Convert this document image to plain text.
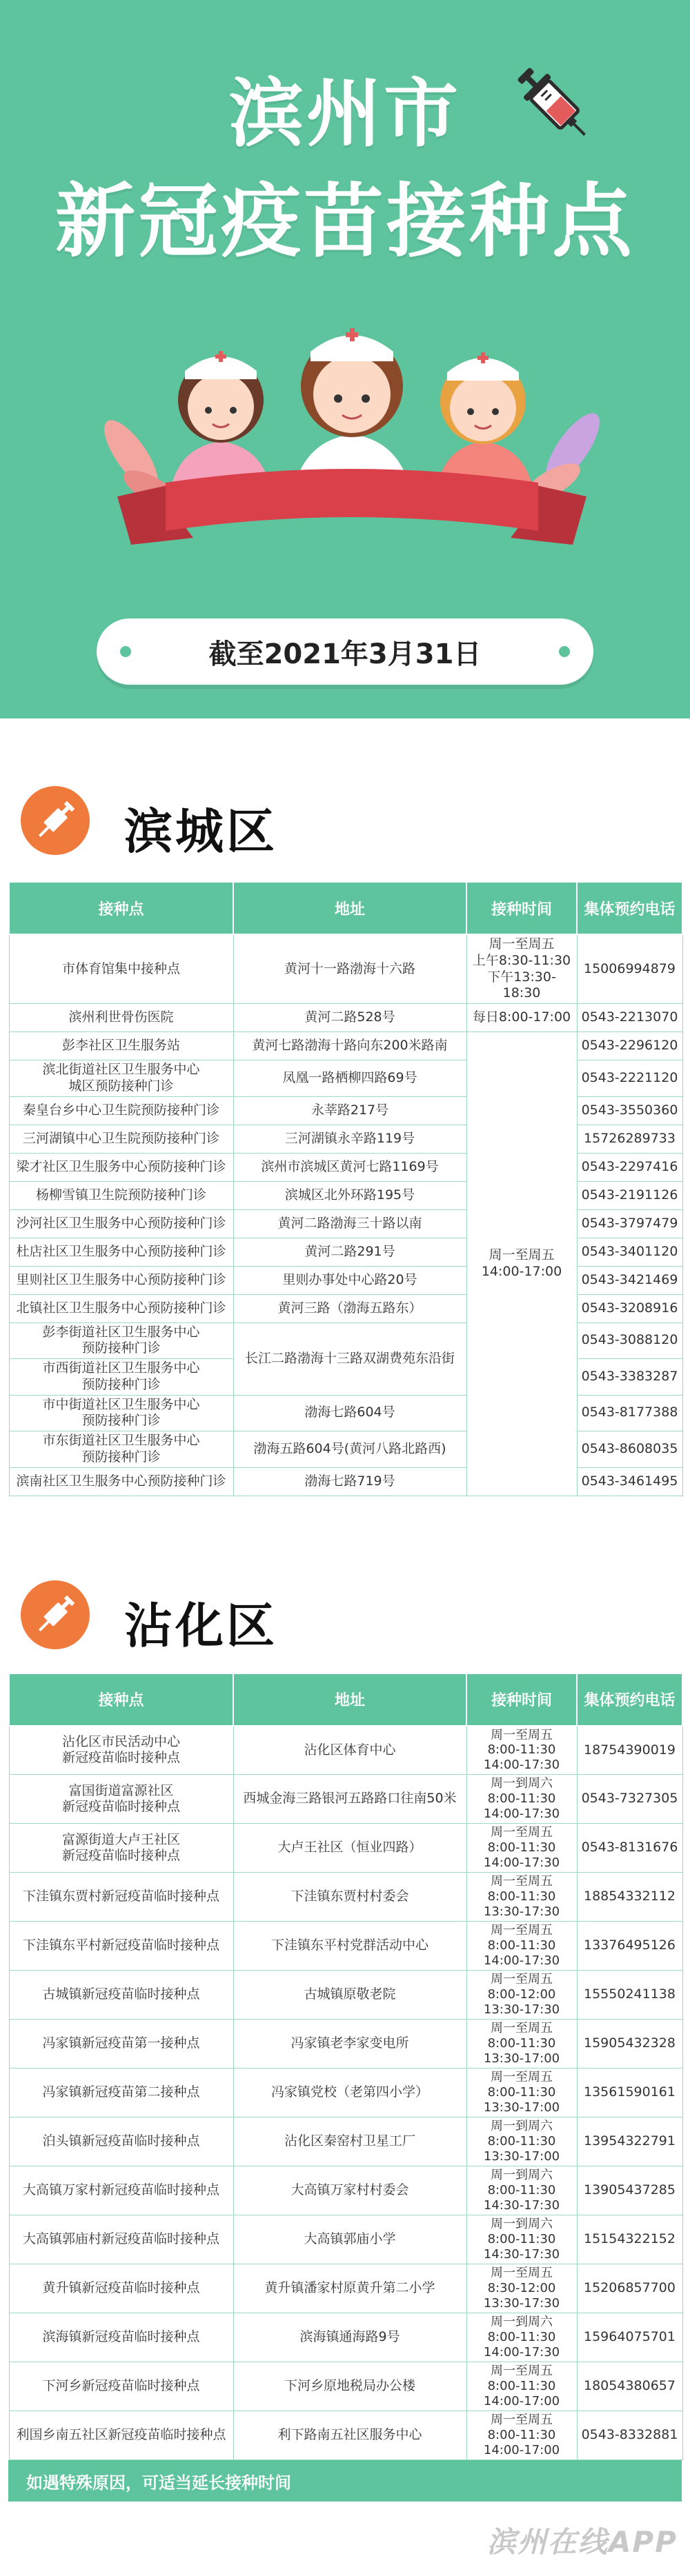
滨州市
新冠疫苗接种点
截至2021年3月31日
滨城区
接种点	地址	接种时间	集体预约电话
市体育馆集中接种点	黄河十一路渤海十六路	周一至周五
上午8:30-11:30
下午13:30-18:30	15006994879
滨州利世骨伤医院	黄河二路528号	每日8:00-17:00	0543-2213070
彭李社区卫生服务站	黄河七路渤海十路向东200米路南	周一至周五
14:00-17:00	0543-2296120
滨北街道社区卫生服务中心
城区预防接种门诊	凤凰一路栖柳四路69号		0543-2221120
秦皇台乡中心卫生院预防接种门诊	永莘路217号		0543-3550360
三河湖镇中心卫生院预防接种门诊	三河湖镇永辛路119号		15726289733
梁才社区卫生服务中心预防接种门诊	滨州市滨城区黄河七路1169号		0543-2297416
杨柳雪镇卫生院预防接种门诊	滨城区北外环路195号		0543-2191126
沙河社区卫生服务中心预防接种门诊	黄河二路渤海三十路以南		0543-3797479
杜店社区卫生服务中心预防接种门诊	黄河二路291号		0543-3401120
里则社区卫生服务中心预防接种门诊	里则办事处中心路20号		0543-3421469
北镇社区卫生服务中心预防接种门诊	黄河三路（渤海五路东）		0543-3208916
彭李街道社区卫生服务中心
预防接种门诊	长江二路渤海十三路双湖费苑东沿街		0543-3088120
市西街道社区卫生服务中心
预防接种门诊			0543-3383287
市中街道社区卫生服务中心
预防接种门诊	渤海七路604号		0543-8177388
市东街道社区卫生服务中心
预防接种门诊	渤海五路604号(黄河八路北路西)		0543-8608035
滨南社区卫生服务中心预防接种门诊	渤海七路719号		0543-3461495
沾化区
接种点	地址	接种时间	集体预约电话
沾化区市民活动中心
新冠疫苗临时接种点	沾化区体育中心	周一至周五
8:00-11:30
14:00-17:30	18754390019
富国街道富源社区
新冠疫苗临时接种点	西城金海三路银河五路路口往南50米	周一到周六
8:00-11:30
14:00-17:30	0543-7327305
富源街道大卢王社区
新冠疫苗临时接种点	大卢王社区（恒业四路）	周一至周五
8:00-11:30
14:00-17:30	0543-8131676
下洼镇东贾村新冠疫苗临时接种点	下洼镇东贾村村委会	周一至周五
8:00-11:30
13:30-17:30	18854332112
下洼镇东平村新冠疫苗临时接种点	下洼镇东平村党群活动中心	周一至周五
8:00-11:30
14:00-17:30	13376495126
古城镇新冠疫苗临时接种点	古城镇原敬老院	周一至周五
8:00-12:00
13:30-17:30	15550241138
冯家镇新冠疫苗第一接种点	冯家镇老李家变电所	周一至周五
8:00-11:30
13:30-17:00	15905432328
冯家镇新冠疫苗第二接种点	冯家镇党校（老第四小学）	周一至周五
8:00-11:30
13:30-17:00	13561590161
泊头镇新冠疫苗临时接种点	沾化区秦窑村卫星工厂	周一到周六
8:00-11:30
13:30-17:00	13954322791
大高镇万家村新冠疫苗临时接种点	大高镇万家村村委会	周一到周六
8:00-11:30
14:30-17:30	13905437285
大高镇郭庙村新冠疫苗临时接种点	大高镇郭庙小学	周一到周六
8:00-11:30
14:30-17:30	15154322152
黄升镇新冠疫苗临时接种点	黄升镇潘家村原黄升第二小学	周一至周五
8:30-12:00
13:30-17:30	15206857700
滨海镇新冠疫苗临时接种点	滨海镇通海路9号	周一到周六
8:00-11:30
14:00-17:30	15964075701
下河乡新冠疫苗临时接种点	下河乡原地税局办公楼	周一至周五
8:00-11:30
14:00-17:00	18054380657
利国乡南五社区新冠疫苗临时接种点	利下路南五社区服务中心	周一至周五
8:00-11:30
14:00-17:00	0543-8332881
如遇特殊原因，可适当延长接种时间
滨州在线APP
